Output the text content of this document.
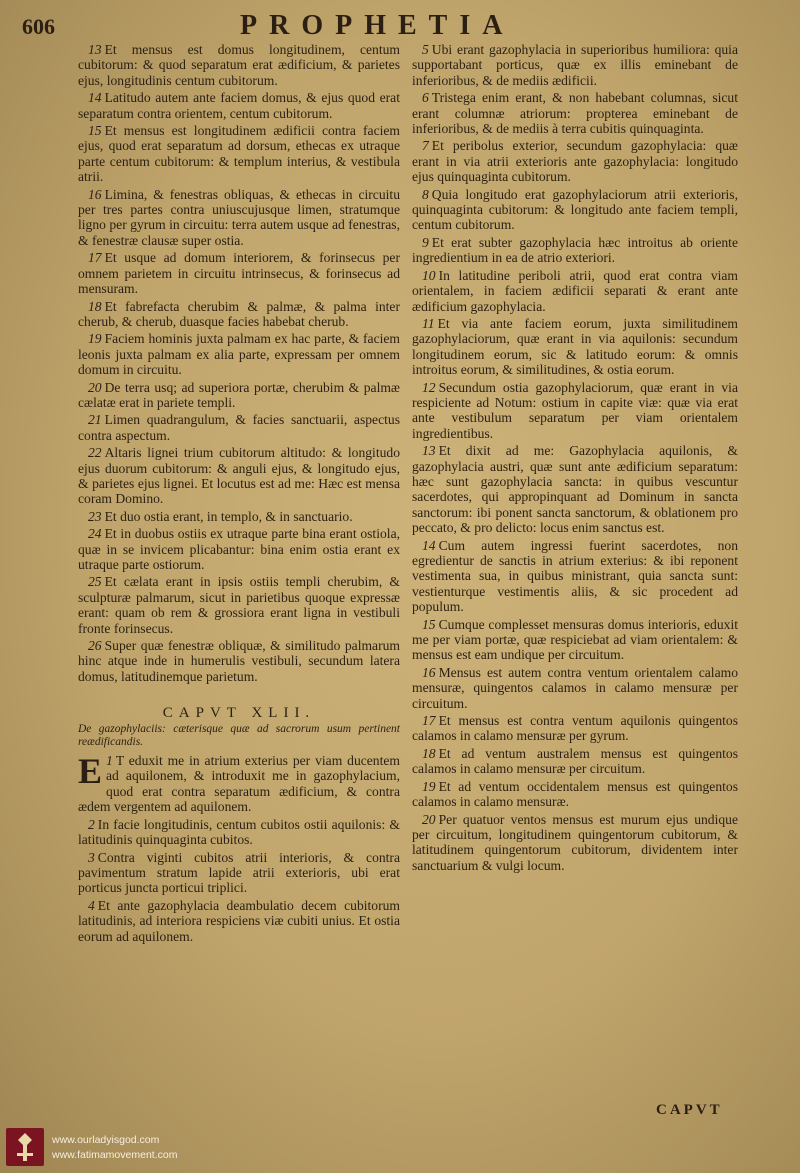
606	PROPHETIA

13 Et mensus est domus longitudinem, centum cubitorum: & quod separatum erat ædificium, & parietes ejus, longitudinis centum cubitorum.

14 Latitudo autem ante faciem domus, & ejus quod erat separatum contra orientem, centum cubitorum.

15 Et mensus est longitudinem ædificii contra faciem ejus, quod erat separatum ad dorsum, ethecas ex utraque parte centum cubitorum: & templum interius, & vestibula atrii.

16 Limina, & fenestras obliquas, & ethecas in circuitu per tres partes contra uniuscujusque limen, stratumque ligno per gyrum in circuitu: terra autem usque ad fenestras, & fenestræ clausæ super ostia.

17 Et usque ad domum interiorem, & forinsecus per omnem parietem in circuitu intrinsecus, & forinsecus ad mensuram.

18 Et fabrefacta cherubim & palmæ, & palma inter cherub, & cherub, duasque facies habebat cherub.

19 Faciem hominis juxta palmam ex hac parte, & faciem leonis juxta palmam ex alia parte, expressam per omnem domum in circuitu.

20 De terra usq; ad superiora portæ, cherubim & palmæ cælatæ erat in pariete templi.

21 Limen quadrangulum, & facies sanctuarii, aspectus contra aspectum.

22 Altaris lignei trium cubitorum altitudo: & longitudo ejus duorum cubitorum: & anguli ejus, & longitudo ejus, & parietes ejus lignei. Et locutus est ad me: Hæc est mensa coram Domino.

23 Et duo ostia erant, in templo, & in sanctuario.

24 Et in duobus ostiis ex utraque parte bina erant ostiola, quæ in se invicem plicabantur: bina enim ostia erant ex utraque parte ostiorum.

25 Et cælata erant in ipsis ostiis templi cherubim, & sculpturæ palmarum, sicut in parietibus quoque expressæ erant: quam ob rem & grossiora erant ligna in vestibuli fronte forinsecus.

26 Super quæ fenestræ obliquæ, & similitudo palmarum hinc atque inde in humerulis vestibuli, secundum latera domus, latitudinemque parietum.

CAPVT XLII.
De gazophylaciis: cæterisque quæ ad sacrorum usum pertinent reædificandis.

1
E T eduxit me in atrium exterius per viam ducentem ad aquilonem, & introduxit me in gazophylacium, quod erat contra separatum ædificium, & contra ædem vergentem ad aquilonem.

2 In facie longitudinis, centum cubitos ostii aquilonis: & latitudinis quinquaginta cubitos.

3 Contra viginti cubitos atrii interioris, & contra pavimentum stratum lapide atrii exterioris, ubi erat porticus juncta porticui triplici.

4 Et ante gazophylacia deambulatio decem cubitorum latitudinis, ad interiora respiciens viæ cubiti unius. Et ostia eorum ad aquilonem.

5 Ubi erant gazophylacia in superioribus humiliora: quia supportabant porticus, quæ ex illis eminebant de inferioribus, & de mediis ædificii.

6 Tristega enim erant, & non habebant columnas, sicut erant columnæ atriorum: propterea eminebant de inferioribus, & de mediis à terra cubitis quinquaginta.

7 Et peribolus exterior, secundum gazophylacia: quæ erant in via atrii exterioris ante gazophylacia: longitudo ejus quinquaginta cubitorum.

8 Quia longitudo erat gazophylaciorum atrii exterioris, quinquaginta cubitorum: & longitudo ante faciem templi, centum cubitorum.

9 Et erat subter gazophylacia hæc introitus ab oriente ingredientium in ea de atrio exteriori.

10 In latitudine periboli atrii, quod erat contra viam orientalem, in faciem ædificii separati & erant ante ædificium gazophylacia.

11 Et via ante faciem eorum, juxta similitudinem gazophylaciorum, quæ erant in via aquilonis: secundum longitudinem eorum, sic & latitudo eorum: & omnis introitus eorum, & similitudines, & ostia eorum.

12 Secundum ostia gazophylaciorum, quæ erant in via respiciente ad Notum: ostium in capite viæ: quæ via erat ante vestibulum separatum per viam orientalem ingredientibus.

13 Et dixit ad me: Gazophylacia aquilonis, & gazophylacia austri, quæ sunt ante ædificium separatum: hæc sunt gazophylacia sancta: in quibus vescuntur sacerdotes, qui appropinquant ad Dominum in sancta sanctorum: ibi ponent sancta sanctorum, & oblationem pro peccato, & pro delicto: locus enim sanctus est.

14 Cum autem ingressi fuerint sacerdotes, non egredientur de sanctis in atrium exterius: & ibi reponent vestimenta sua, in quibus ministrant, quia sancta sunt: vestienturque vestimentis aliis, & sic procedent ad populum.

15 Cumque complesset mensuras domus interioris, eduxit me per viam portæ, quæ respiciebat ad viam orientalem: & mensus est eam undique per circuitum.

16 Mensus est autem contra ventum orientalem calamo mensuræ, quingentos calamos in calamo mensuræ per circuitum.

17 Et mensus est contra ventum aquilonis quingentos calamos in calamo mensuræ per gyrum.

18 Et ad ventum australem mensus est quingentos calamos in calamo mensuræ per circuitum.

19 Et ad ventum occidentalem mensus est quingentos calamos in calamo mensuræ.

20 Per quatuor ventos mensus est murum ejus undique per circuitum, longitudinem quingentorum cubitorum, & latitudinem quingentorum cubitorum, dividentem inter sanctuarium & vulgi locum.

CAPVT
www.ourladyisgod.com
www.fatimamovement.com
